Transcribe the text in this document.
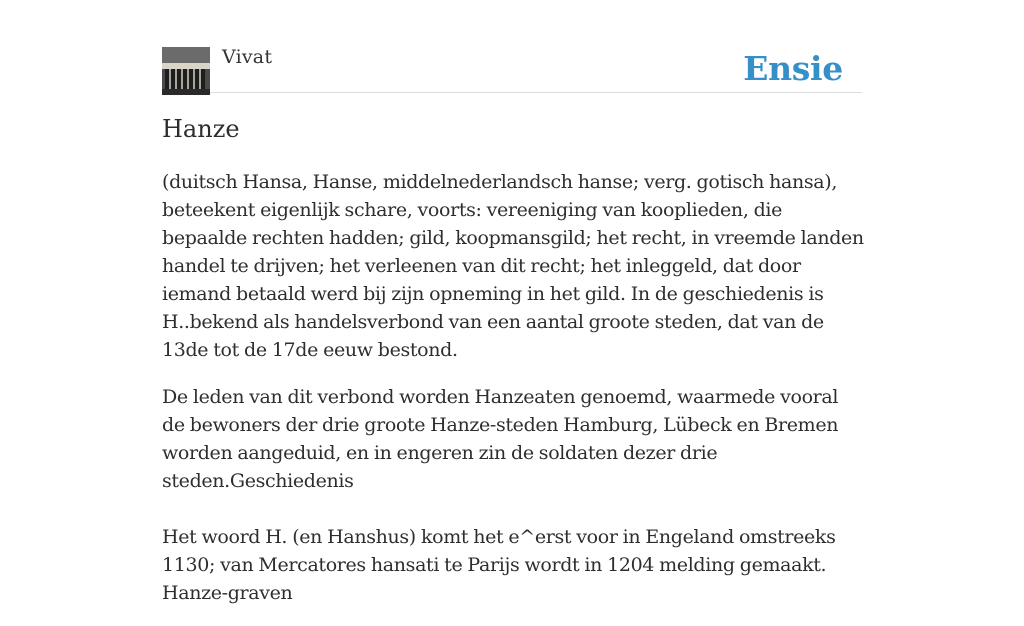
Vivat	Ensie
Hanze

(duitsch Hansa, Hanse, middelnederlandsch hanse; verg. gotisch hansa), beteekent eigenlijk schare, voorts: vereeniging van kooplieden, die bepaalde rechten hadden; gild, koopmansgild; het recht, in vreemde landen handel te drijven; het verleenen van dit recht; het inleggeld, dat door iemand betaald werd bij zijn opneming in het gild. In de geschiedenis is H..bekend als handelsverbond van een aantal groote steden, dat van de 13de tot de 17de eeuw bestond.

De leden van dit verbond worden Hanzeaten genoemd, waarmede vooral de bewoners der drie groote Hanze-steden Hamburg, Lübeck en Bremen worden aangeduid, en in engeren zin de soldaten dezer drie steden.Geschiedenis

Het woord H. (en Hanshus) komt het e^erst voor in Engeland omstreeks 1130; van Mercatores hansati te Parijs wordt in 1204 melding gemaakt. Hanze-graven
